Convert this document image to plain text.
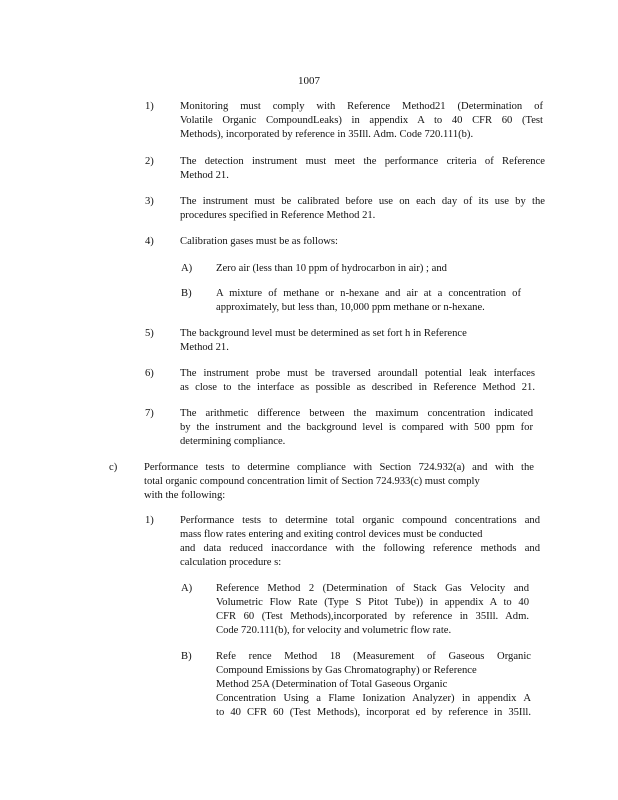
1007
1) Monitoring must comply with Reference Method21 (Determination of
Volatile Organic CompoundLeaks) in appendix A to 40 CFR 60 (Test
Methods), incorporated by reference in 35Ill. Adm. Code 720.111(b).
2) The detection instrument must meet the performance criteria of Reference
Method 21.
3) The instrument must be calibrated before use on each day of its use by the
procedures specified in Reference Method 21.
4) Calibration gases must be as follows:
A) Zero air (less than 10 ppm of hydrocarbon in air) ; and
B) A mixture of methane or n-hexane and air at a concentration of
approximately, but less than, 10,000 ppm methane or n-hexane.
5) The background level must be determined as set fort h in Reference
Method 21.
6) The instrument probe must be traversed aroundall potential leak interfaces
as close to the interface as possible as described in Reference Method 21.
7) The arithmetic difference between the maximum concentration indicated
by the instrument and the background level is compared with 500 ppm for
determining compliance.
c)	Performance tests to determine compliance with Section 724.932(a) and with the
total organic compound concentration limit of Section 724.933(c) must comply
with the following:
1) Performance tests to determine total organic compound concentrations and
mass flow rates entering and exiting control devices must be conducted
and data reduced inaccordance with the following reference methods and
calculation procedure s:
A) Reference Method 2 (Determination of Stack Gas Velocity and
Volumetric Flow Rate (Type S Pitot Tube)) in appendix A to 40
CFR 60 (Test Methods),incorporated by reference in 35Ill. Adm.
Code 720.111(b), for velocity and volumetric flow rate.
B) Refe rence Method 18 (Measurement of Gaseous Organic
Compound Emissions by Gas Chromatography) or Reference
Method 25A (Determination of Total Gaseous Organic
Concentration Using a Flame Ionization Analyzer) in appendix A
to 40 CFR 60 (Test Methods), incorporat ed by reference in 35Ill.
